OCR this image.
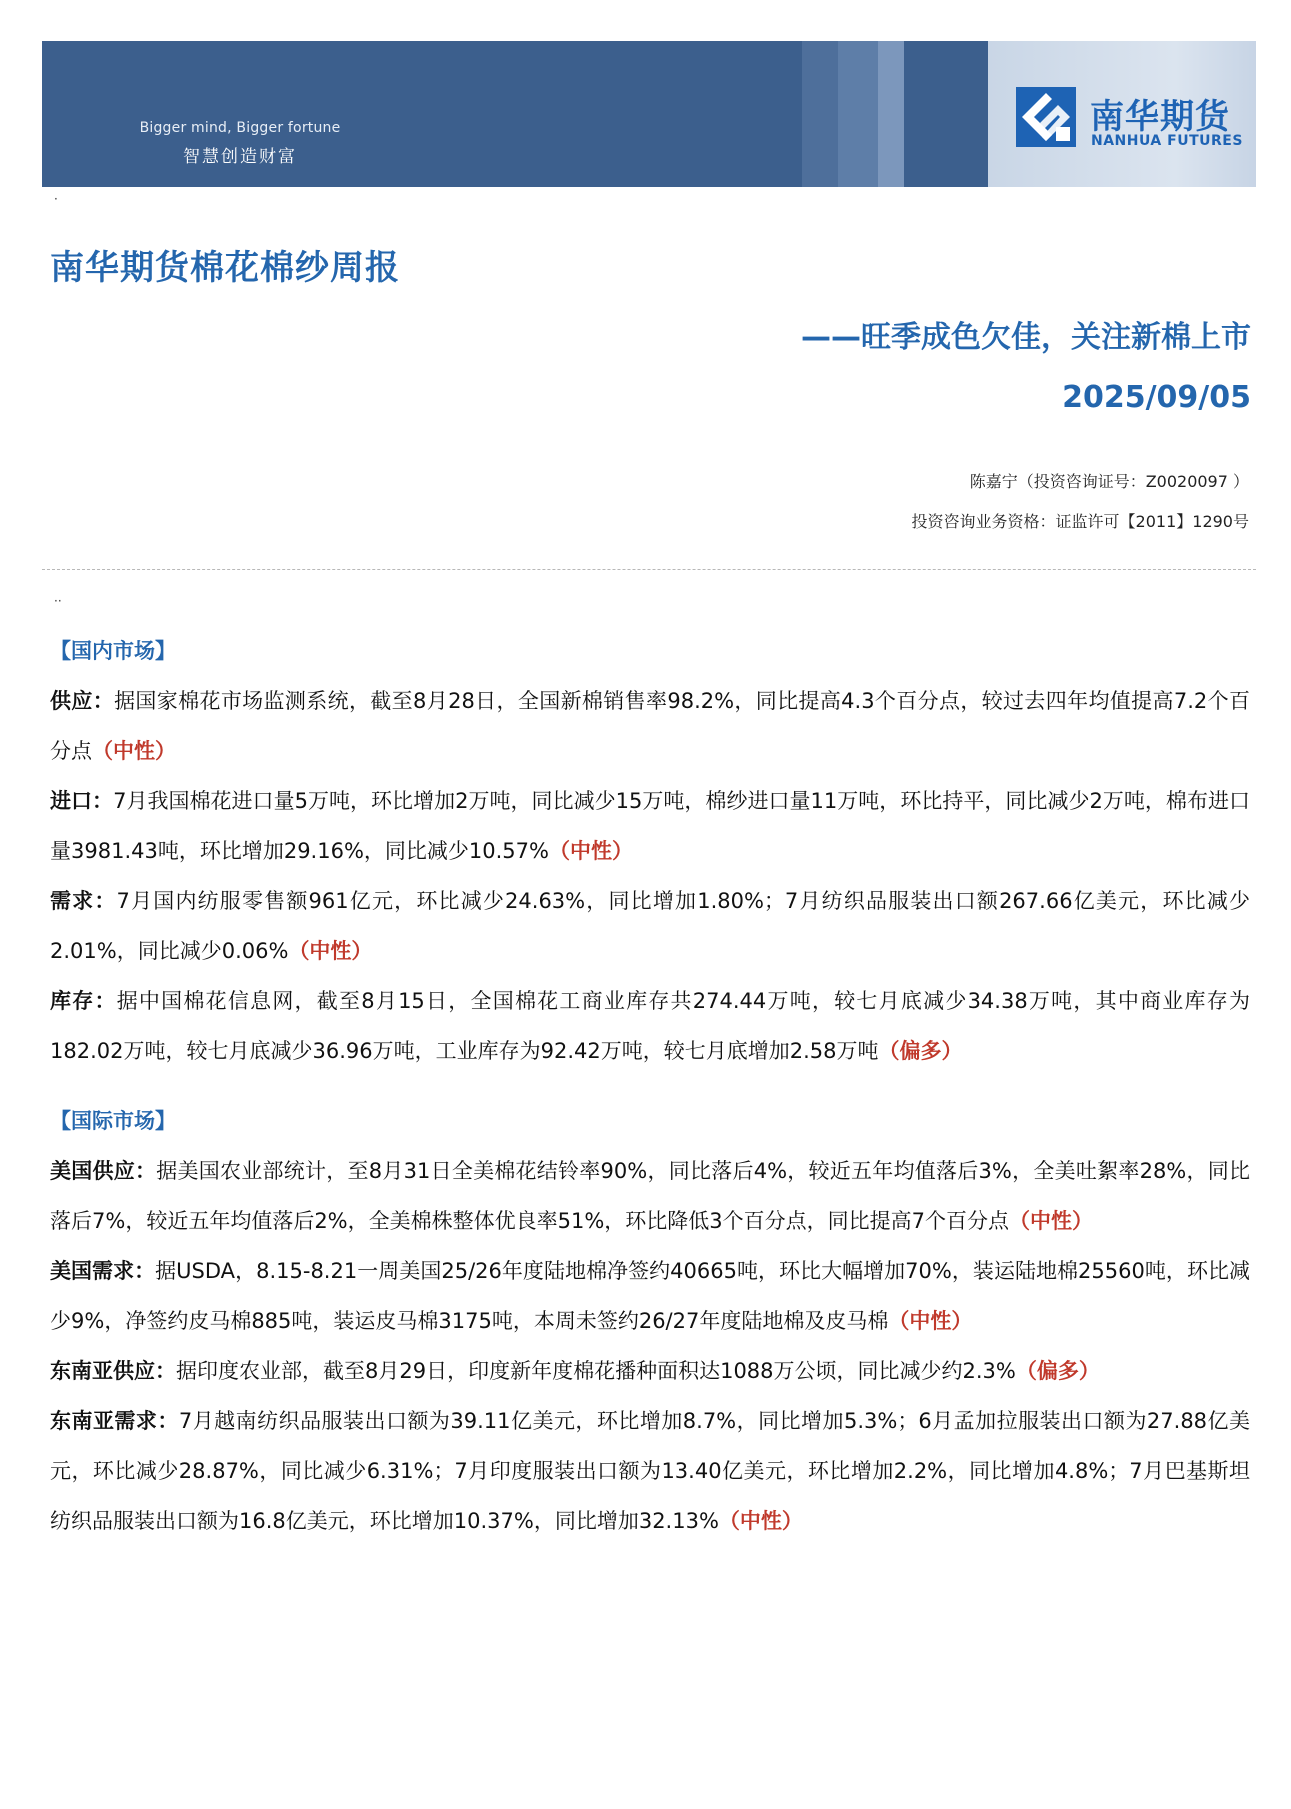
Bigger mind, Bigger fortune
智慧创造财富
南华期货
NANHUA FUTURES
·
南华期货棉花棉纱周报
——旺季成色欠佳，关注新棉上市
2025/09/05
陈嘉宁（投资咨询证号：Z0020097 ）
投资咨询业务资格：证监许可【2011】1290号
··

【国内市场】

供应：据国家棉花市场监测系统，截至8月28日，全国新棉销售率98.2%，同比提高4.3个百分点，较过去四年均值提高7.2个百分点（中性）

进口：7月我国棉花进口量5万吨，环比增加2万吨，同比减少15万吨，棉纱进口量11万吨，环比持平，同比减少2万吨，棉布进口量3981.43吨，环比增加29.16%，同比减少10.57%（中性）

需求：7月国内纺服零售额961亿元，环比减少24.63%，同比增加1.80%；7月纺织品服装出口额267.66亿美元，环比减少2.01%，同比减少0.06%（中性）

库存：据中国棉花信息网，截至8月15日，全国棉花工商业库存共274.44万吨，较七月底减少34.38万吨，其中商业库存为182.02万吨，较七月底减少36.96万吨，工业库存为92.42万吨，较七月底增加2.58万吨（偏多）

【国际市场】

美国供应：据美国农业部统计，至8月31日全美棉花结铃率90%，同比落后4%，较近五年均值落后3%，全美吐絮率28%，同比落后7%，较近五年均值落后2%，全美棉株整体优良率51%，环比降低3个百分点，同比提高7个百分点（中性）

美国需求：据USDA，8.15-8.21一周美国25/26年度陆地棉净签约40665吨，环比大幅增加70%，装运陆地棉25560吨，环比减少9%，净签约皮马棉885吨，装运皮马棉3175吨，本周未签约26/27年度陆地棉及皮马棉（中性）

东南亚供应：据印度农业部，截至8月29日，印度新年度棉花播种面积达1088万公顷，同比减少约2.3%（偏多）

东南亚需求：7月越南纺织品服装出口额为39.11亿美元，环比增加8.7%，同比增加5.3%；6月孟加拉服装出口额为27.88亿美元，环比减少28.87%，同比减少6.31%；7月印度服装出口额为13.40亿美元，环比增加2.2%，同比增加4.8%；7月巴基斯坦纺织品服装出口额为16.8亿美元，环比增加10.37%，同比增加32.13%（中性）
